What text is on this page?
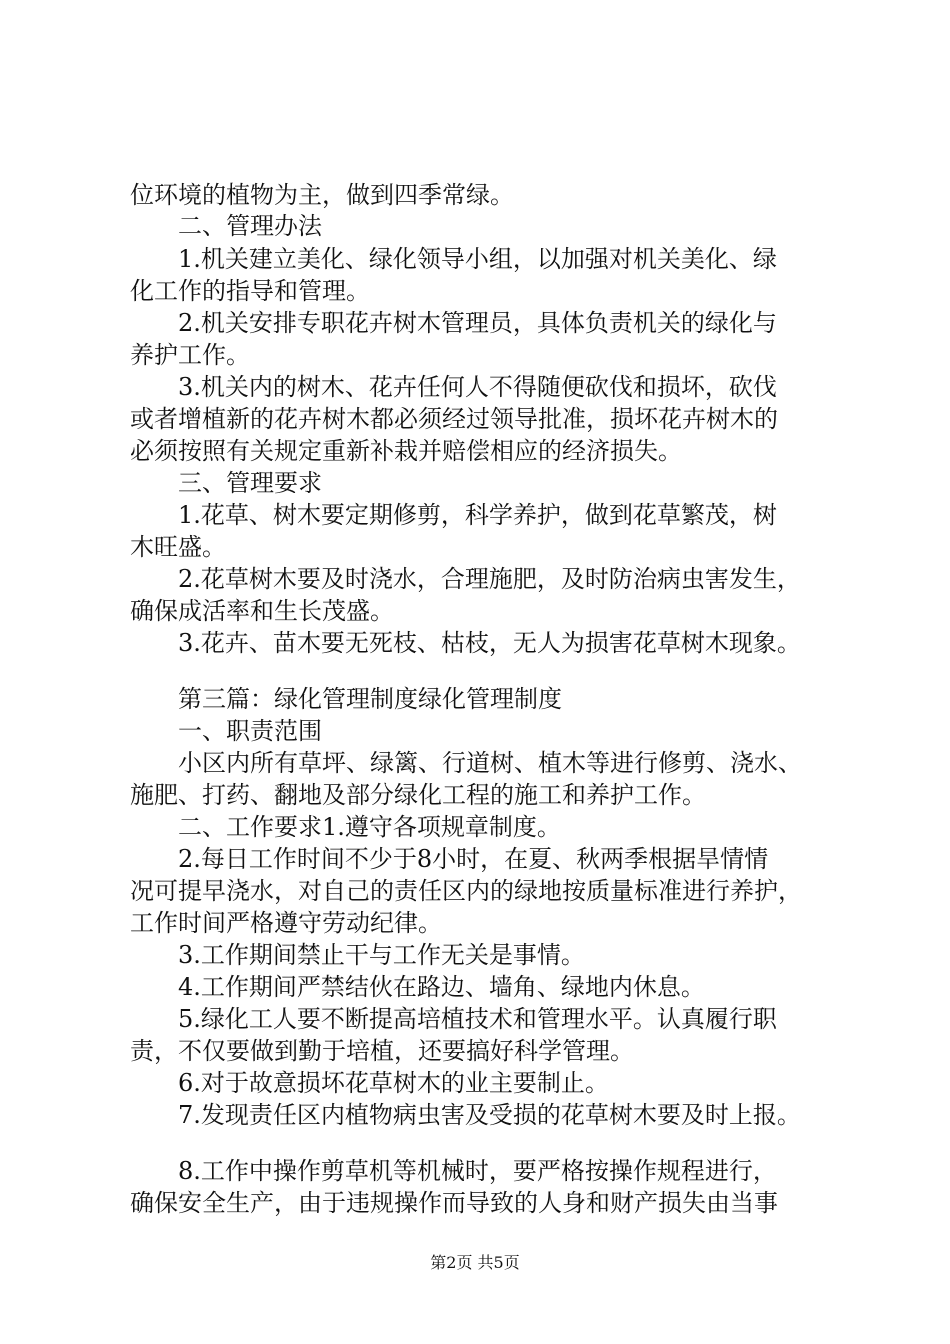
位环境的植物为主，做到四季常绿。
二、管理办法
1.机关建立美化、绿化领导小组，以加强对机关美化、绿
化工作的指导和管理。
2.机关安排专职花卉树木管理员，具体负责机关的绿化与
养护工作。
3.机关内的树木、花卉任何人不得随便砍伐和损坏，砍伐
或者增植新的花卉树木都必须经过领导批准，损坏花卉树木的
必须按照有关规定重新补栽并赔偿相应的经济损失。
三、管理要求
1.花草、树木要定期修剪，科学养护，做到花草繁茂，树
木旺盛。
2.花草树木要及时浇水，合理施肥，及时防治病虫害发生，
确保成活率和生长茂盛。
3.花卉、苗木要无死枝、枯枝，无人为损害花草树木现象。
第三篇：绿化管理制度绿化管理制度
一、职责范围
小区内所有草坪、绿篱、行道树、植木等进行修剪、浇水、
施肥、打药、翻地及部分绿化工程的施工和养护工作。
二、工作要求1.遵守各项规章制度。
2.每日工作时间不少于8小时，在夏、秋两季根据旱情情
况可提早浇水，对自己的责任区内的绿地按质量标准进行养护，
工作时间严格遵守劳动纪律。
3.工作期间禁止干与工作无关是事情。
4.工作期间严禁结伙在路边、墙角、绿地内休息。
5.绿化工人要不断提高培植技术和管理水平。认真履行职
责，不仅要做到勤于培植，还要搞好科学管理。
6.对于故意损坏花草树木的业主要制止。
7.发现责任区内植物病虫害及受损的花草树木要及时上报。
8.工作中操作剪草机等机械时，要严格按操作规程进行，
确保安全生产，由于违规操作而导致的人身和财产损失由当事
第2页 共5页
